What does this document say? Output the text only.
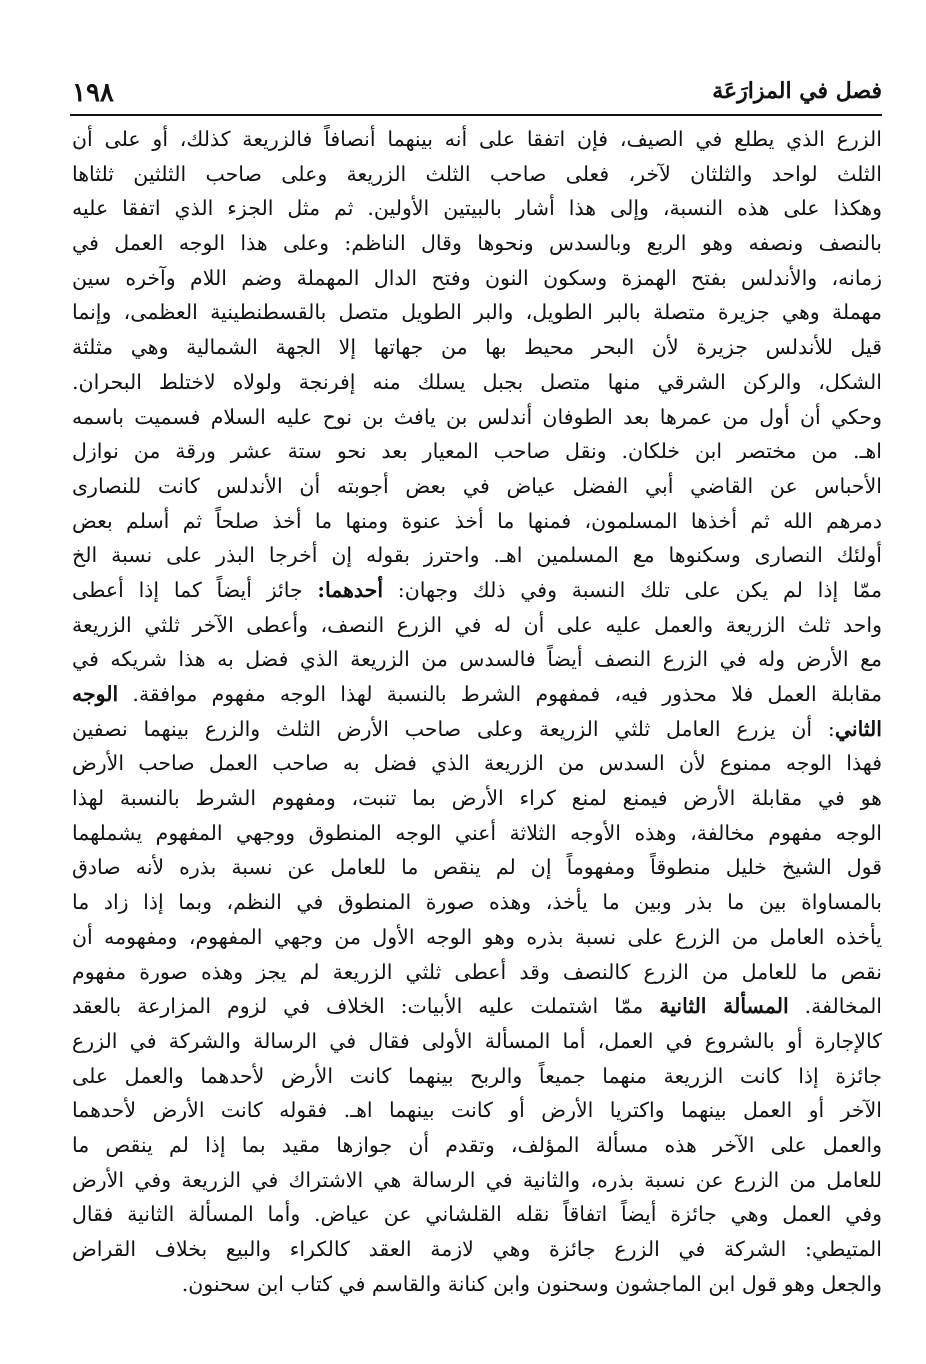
١٩٨	فصل في المزارَعَة
الزرع الذي يطلع في الصيف، فإن اتفقا على أنه بينهما أنصافاً فالزريعة كذلك، أو على أن
الثلث لواحد والثلثان لآخر، فعلى صاحب الثلث الزريعة وعلى صاحب الثلثين ثلثاها
وهكذا على هذه النسبة، وإلى هذا أشار بالبيتين الأولين. ثم مثل الجزء الذي اتفقا عليه
بالنصف ونصفه وهو الربع وبالسدس ونحوها وقال الناظم: وعلى هذا الوجه العمل في
زمانه، والأندلس بفتح الهمزة وسكون النون وفتح الدال المهملة وضم اللام وآخره سين
مهملة وهي جزيرة متصلة بالبر الطويل، والبر الطويل متصل بالقسطنطينية العظمى، وإنما
قيل للأندلس جزيرة لأن البحر محيط بها من جهاتها إلا الجهة الشمالية وهي مثلثة
الشكل، والركن الشرقي منها متصل بجبل يسلك منه إفرنجة ولولاه لاختلط البحران.
وحكي أن أول من عمرها بعد الطوفان أندلس بن يافث بن نوح عليه السلام فسميت باسمه
اهـ. من مختصر ابن خلكان. ونقل صاحب المعيار بعد نحو ستة عشر ورقة من نوازل
الأحباس عن القاضي أبي الفضل عياض في بعض أجوبته أن الأندلس كانت للنصارى
دمرهم الله ثم أخذها المسلمون، فمنها ما أخذ عنوة ومنها ما أخذ صلحاً ثم أسلم بعض
أولئك النصارى وسكنوها مع المسلمين اهـ. واحترز بقوله إن أخرجا البذر على نسبة الخ
ممّا إذا لم يكن على تلك النسبة وفي ذلك وجهان: أحدهما: جائز أيضاً كما إذا أعطى
واحد ثلث الزريعة والعمل عليه على أن له في الزرع النصف، وأعطى الآخر ثلثي الزريعة
مع الأرض وله في الزرع النصف أيضاً فالسدس من الزريعة الذي فضل به هذا شريكه في
مقابلة العمل فلا محذور فيه، فمفهوم الشرط بالنسبة لهذا الوجه مفهوم موافقة. الوجه
الثاني: أن يزرع العامل ثلثي الزريعة وعلى صاحب الأرض الثلث والزرع بينهما نصفين
فهذا الوجه ممنوع لأن السدس من الزريعة الذي فضل به صاحب العمل صاحب الأرض
هو في مقابلة الأرض فيمنع لمنع كراء الأرض بما تنبت، ومفهوم الشرط بالنسبة لهذا
الوجه مفهوم مخالفة، وهذه الأوجه الثلاثة أعني الوجه المنطوق ووجهي المفهوم يشملهما
قول الشيخ خليل منطوقاً ومفهوماً إن لم ينقص ما للعامل عن نسبة بذره لأنه صادق
بالمساواة بين ما بذر وبين ما يأخذ، وهذه صورة المنطوق في النظم، وبما إذا زاد ما
يأخذه العامل من الزرع على نسبة بذره وهو الوجه الأول من وجهي المفهوم، ومفهومه أن
نقص ما للعامل من الزرع كالنصف وقد أعطى ثلثي الزريعة لم يجز وهذه صورة مفهوم
المخالفة. المسألة الثانية ممّا اشتملت عليه الأبيات: الخلاف في لزوم المزارعة بالعقد
كالإجارة أو بالشروع في العمل، أما المسألة الأولى فقال في الرسالة والشركة في الزرع
جائزة إذا كانت الزريعة منهما جميعاً والربح بينهما كانت الأرض لأحدهما والعمل على
الآخر أو العمل بينهما واكتريا الأرض أو كانت بينهما اهـ. فقوله كانت الأرض لأحدهما
والعمل على الآخر هذه مسألة المؤلف، وتقدم أن جوازها مقيد بما إذا لم ينقص ما
للعامل من الزرع عن نسبة بذره، والثانية في الرسالة هي الاشتراك في الزريعة وفي الأرض
وفي العمل وهي جائزة أيضاً اتفاقاً نقله القلشاني عن عياض. وأما المسألة الثانية فقال
المتيطي: الشركة في الزرع جائزة وهي لازمة العقد كالكراء والبيع بخلاف القراض
والجعل وهو قول ابن الماجشون وسحنون وابن كنانة والقاسم في كتاب ابن سحنون.
